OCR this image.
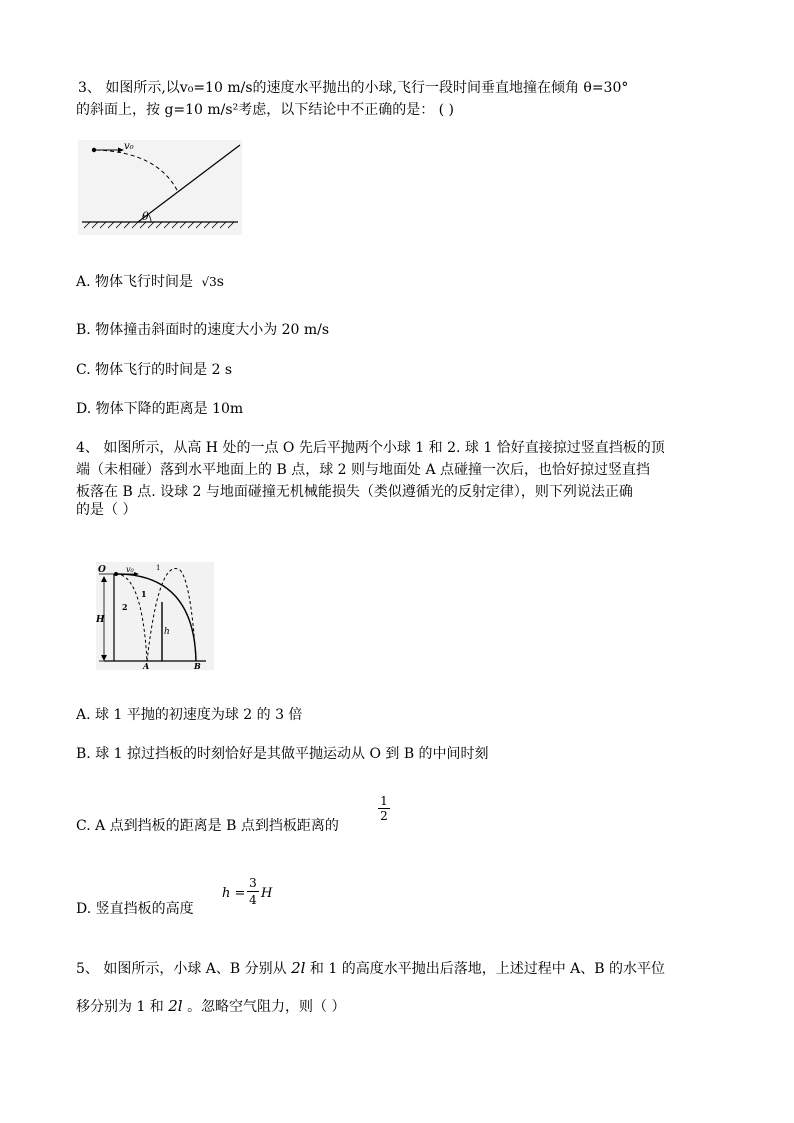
3、 如图所示,以v₀=10 m/s的速度水平抛出的小球,飞行一段时间垂直地撞在倾角 θ=30°
的斜面上，按 g=10 m/s²考虑，以下结论中不正确的是： ( )
v₀
θ
A. 物体飞行时间是 √3s
B. 物体撞击斜面时的速度大小为 20 m/s
C. 物体飞行的时间是 2 s
D. 物体下降的距离是 10m
4、 如图所示，从高 H 处的一点 O 先后平抛两个小球 1 和 2. 球 1 恰好直接掠过竖直挡板的顶
端（未相碰）落到水平地面上的 B 点，球 2 则与地面处 A 点碰撞一次后，也恰好掠过竖直挡
板落在 B 点. 设球 2 与地面碰撞无机械能损失（类似遵循光的反射定律），则下列说法正确
的是（ ）
O	v₀
1
2
H
h
A	B
1
A. 球 1 平抛的初速度为球 2 的 3 倍
B. 球 1 掠过挡板的时刻恰好是其做平抛运动从 O 到 B 的中间时刻
C. A 点到挡板的距离是 B 点到挡板距离的
$\frac{1}{2}$
D. 竖直挡板的高度
h =
3
4 H
5、 如图所示，小球 A、B 分别从 2l 和 1 的高度水平抛出后落地，上述过程中 A、B 的水平位
移分别为 1 和 2l 。忽略空气阻力，则（ ）
